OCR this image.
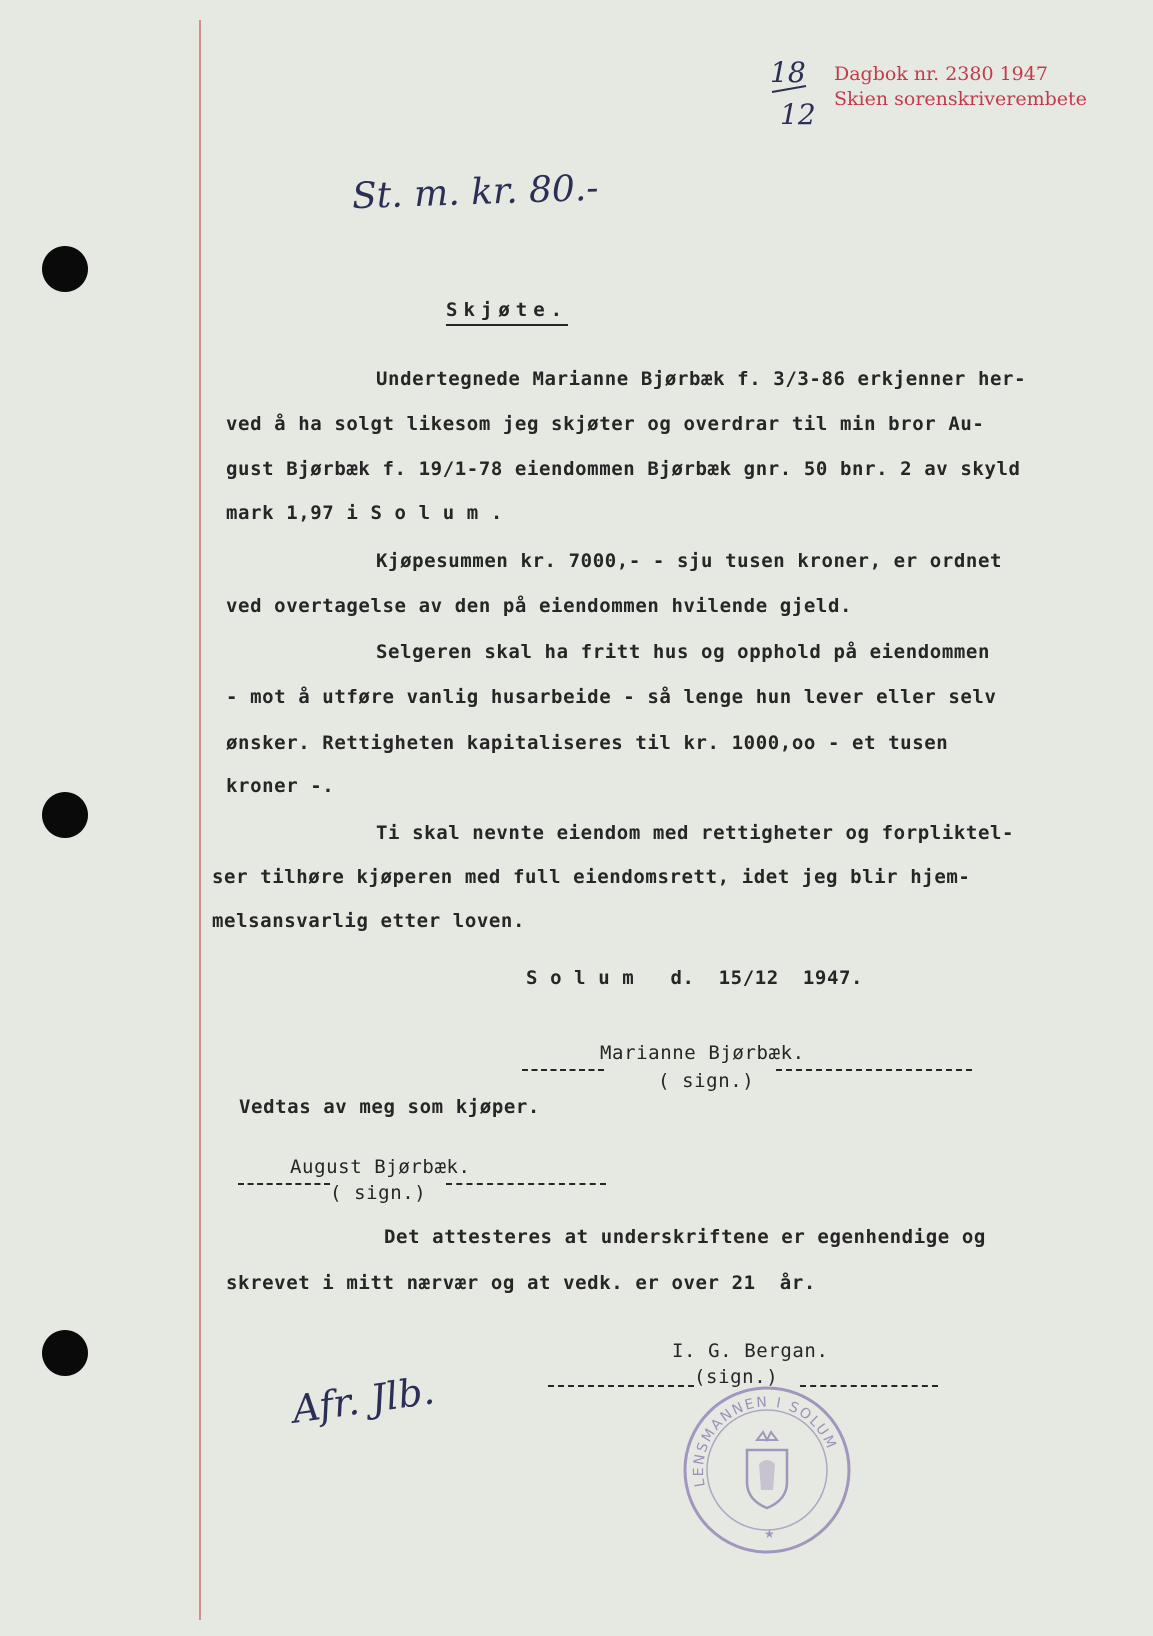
18
12
Dagbok nr. 2380 1947
Skien sorenskriverembete
St. m. kr. 80.-
Skjøte.
Undertegnede Marianne Bjørbæk f. 3/3-86 erkjenner her-
ved å ha solgt likesom jeg skjøter og overdrar til min bror Au-
gust Bjørbæk f. 19/1-78 eiendommen Bjørbæk gnr. 50 bnr. 2 av skyld
mark 1,97 i S o l u m .
Kjøpesummen kr. 7000,- - sju tusen kroner, er ordnet
ved overtagelse av den på eiendommen hvilende gjeld.
Selgeren skal ha fritt hus og opphold på eiendommen
- mot å utføre vanlig husarbeide - så lenge hun lever eller selv
ønsker. Rettigheten kapitaliseres til kr. 1000,oo - et tusen
kroner -.
Ti skal nevnte eiendom med rettigheter og forpliktel-
ser tilhøre kjøperen med full eiendomsrett, idet jeg blir hjem-
melsansvarlig etter loven.
S o l u m   d.  15/12  1947.
Marianne Bjørbæk.
( sign.)
Vedtas av meg som kjøper.
August Bjørbæk.
( sign.)
Det attesteres at underskriftene er egenhendige og
skrevet i mitt nærvær og at vedk. er over 21  år.
I. G. Bergan.
(sign.)
Afr. Jlb.
LENSMANNEN I SOLUM
★
